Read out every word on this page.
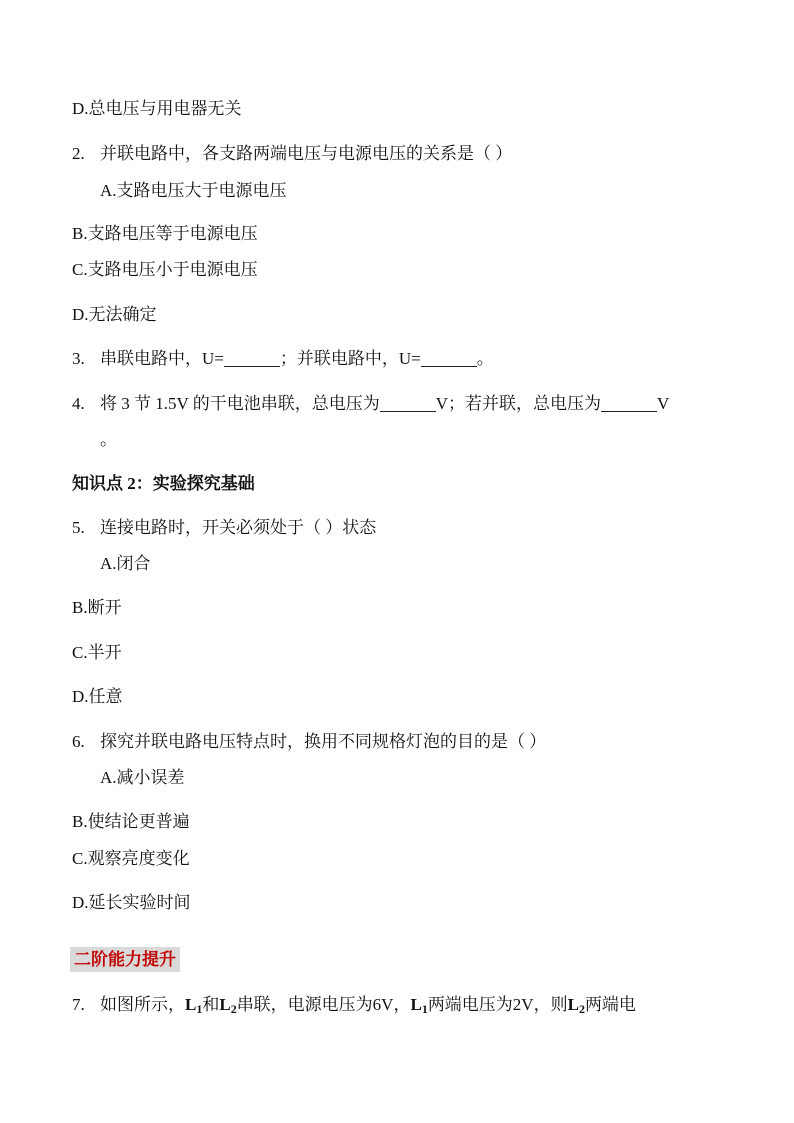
D.总电压与用电器无关
2. 并联电路中，各支路两端电压与电源电压的关系是（ ）
A.支路电压大于电源电压
B.支路电压等于电源电压
C.支路电压小于电源电压
D.无法确定
3. 串联电路中，U=	；并联电路中，U=	。
4. 将 3 节 1.5V 的干电池串联，总电压为	V；若并联，总电压为	V
。
知识点 2：实验探究基础
5. 连接电路时，开关必须处于（ ）状态
A.闭合
B.断开
C.半开
D.任意
6. 探究并联电路电压特点时，换用不同规格灯泡的目的是（ ）
A.减小误差
B.使结论更普遍
C.观察亮度变化
D.延长实验时间
二阶能力提升
7. 如图所示，$L_1$和$L_2$串联，电源电压为6V，$L_1$两端电压为2V，则$L_2$两端电
